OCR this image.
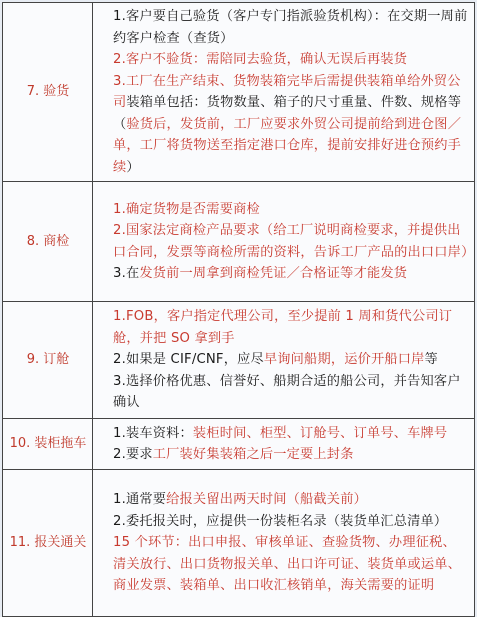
7. 验货	1.客户要自己验货（客户专门指派验货机构）：在交期一周前约客户检查（查货）

2.客户不验货：需陪同去验货，确认无误后再装货

3.工厂在生产结束、货物装箱完毕后需提供装箱单给外贸公司装箱单包括：货物数量、箱子的尺寸重量、件数、规格等（验货后，发货前，工厂应要求外贸公司提前给到进仓图／单，工厂将货物送至指定港口仓库，提前安排好进仓预约手续）

8. 商检	1.确定货物是否需要商检

2.国家法定商检产品要求（给工厂说明商检要求，并提供出口合同，发票等商检所需的资料，告诉工厂产品的出口口岸）

3.在发货前一周拿到商检凭证／合格证等才能发货

9. 订舱	1.FOB，客户指定代理公司，至少提前 1 周和货代公司订舱，并把 SO 拿到手

2.如果是 CIF/CNF，应尽早询问船期，运价开船口岸等

3.选择价格优惠、信誉好、船期合适的船公司，并告知客户确认

10. 装柜拖车	1.装车资料：装柜时间、柜型、订舱号、订单号、车牌号

2.要求工厂装好集装箱之后一定要上封条

11. 报关通关	1.通常要给报关留出两天时间（船截关前）

2.委托报关时，应提供一份装柜名录（装货单汇总清单）

15 个环节：出口申报、审核单证、查验货物、办理征税、清关放行、出口货物报关单、出口许可证、装货单或运单、商业发票、装箱单、出口收汇核销单，海关需要的证明
